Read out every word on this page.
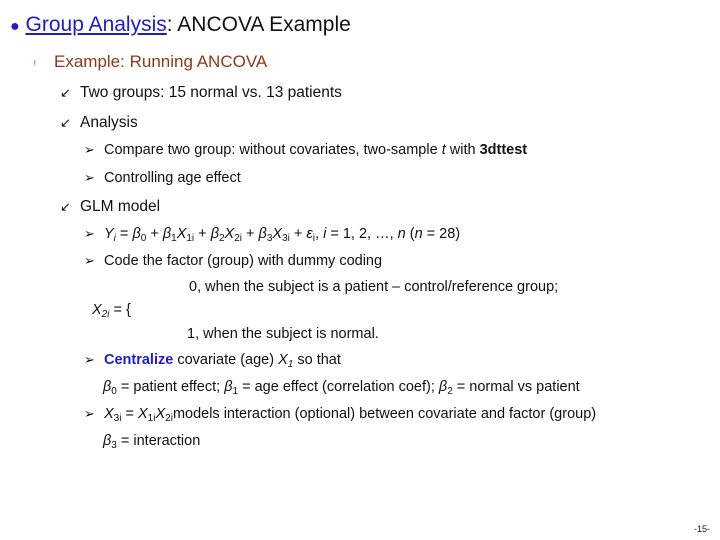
● Group Analysis: ANCOVA Example
ᵎ Example: Running ANCOVA
↙ Two groups: 15 normal vs. 13 patients
↙ Analysis
➢ Compare two group: without covariates, two-sample t with 3dttest
➢ Controlling age effect
↙ GLM model
➢ $Y_i = \beta_0 + \beta_1X_{1i} + \beta_2X_{2i} + \beta_3X_{3i} + \varepsilon_i$, i = 1, 2, …, n (n = 28)
➢ Code the factor (group) with dummy coding
0, when the subject is a patient – control/reference group;
$X_{2i}$ = {
1, when the subject is normal.
➢ Centralize covariate (age) $X_1$ so that
$\beta_0$ = patient effect; $\beta_1$ = age effect (correlation coef); $\beta_2$ = normal vs patient
➢ $X_{3i}$ = $X_{1i}X_{2i}models$ interaction (optional) between covariate and factor (group)
$\beta_3$ = interaction
-15-
